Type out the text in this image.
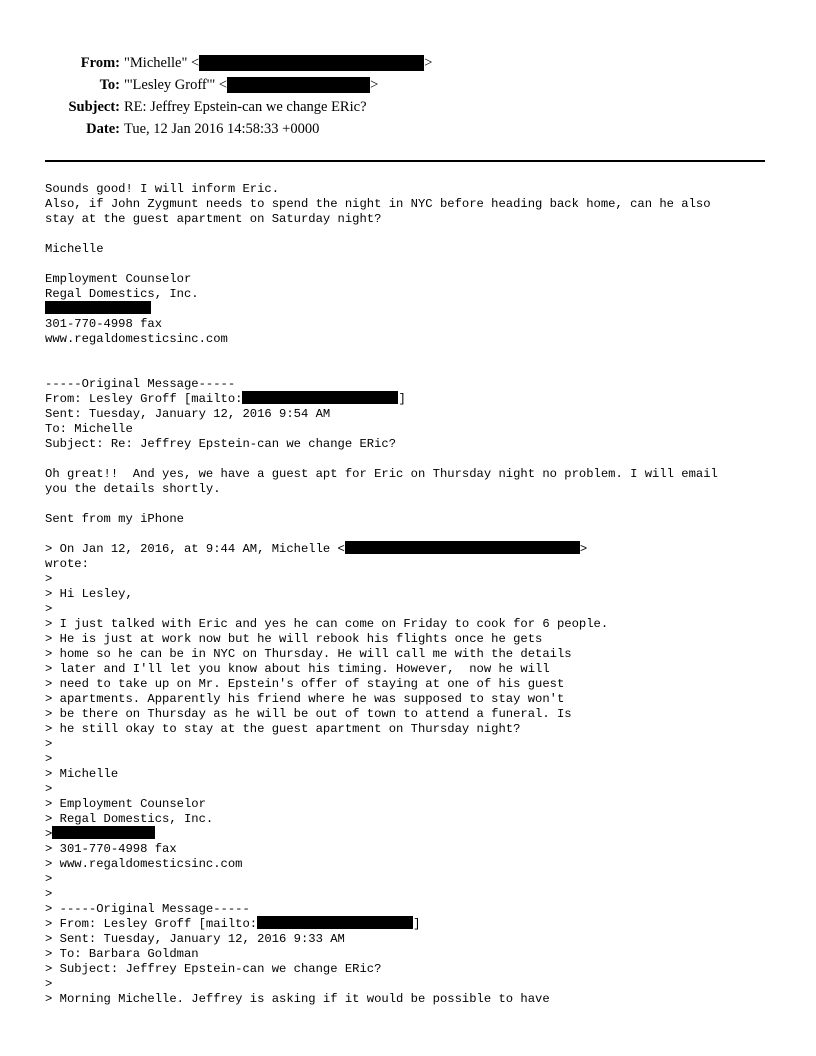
From: "Michelle" <	>
To: "'Lesley Groff'" <	>
Subject: RE: Jeffrey Epstein-can we change ERic?
Date: Tue, 12 Jan 2016 14:58:33 +0000
Sounds good! I will inform Eric.
Also, if John Zygmunt needs to spend the night in NYC before heading back home, can he also
stay at the guest apartment on Saturday night?
Michelle
Employment Counselor
Regal Domestics, Inc.
301-770-4998 fax
www.regaldomesticsinc.com
-----Original Message-----
From: Lesley Groff [mailto:	]
Sent: Tuesday, January 12, 2016 9:54 AM
To: Michelle
Subject: Re: Jeffrey Epstein-can we change ERic?
Oh great!!  And yes, we have a guest apt for Eric on Thursday night no problem. I will email
you the details shortly.
Sent from my iPhone
> On Jan 12, 2016, at 9:44 AM, Michelle <	>
wrote:
>
> Hi Lesley,
>
> I just talked with Eric and yes he can come on Friday to cook for 6 people.
> He is just at work now but he will rebook his flights once he gets
> home so he can be in NYC on Thursday. He will call me with the details
> later and I'll let you know about his timing. However,  now he will
> need to take up on Mr. Epstein's offer of staying at one of his guest
> apartments. Apparently his friend where he was supposed to stay won't
> be there on Thursday as he will be out of town to attend a funeral. Is
> he still okay to stay at the guest apartment on Thursday night?
>
>
> Michelle
>
> Employment Counselor
> Regal Domestics, Inc.
>
> 301-770-4998 fax
> www.regaldomesticsinc.com
>
>
> -----Original Message-----
> From: Lesley Groff [mailto:	]
> Sent: Tuesday, January 12, 2016 9:33 AM
> To: Barbara Goldman
> Subject: Jeffrey Epstein-can we change ERic?
>
> Morning Michelle. Jeffrey is asking if it would be possible to have
